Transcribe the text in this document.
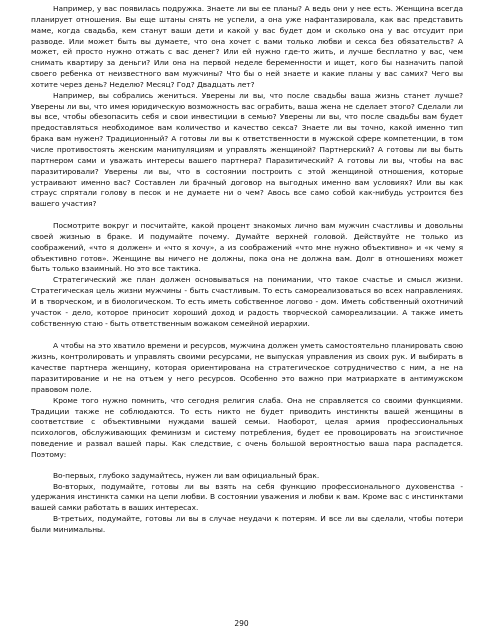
Например, у вас появилась подружка. Знаете ли вы ее планы? А ведь они у нее есть. Женщина всегда планирует отношения. Вы еще штаны снять не успели, а она уже нафантазировала, как вас представить маме, когда свадьба, кем станут ваши дети и какой у вас будет дом и сколько она у вас отсудит при разводе. Или может быть вы думаете, что она хочет с вами только любви и секса без обязательств? А может, ей просто нужно отжать с вас денег? Или ей нужно где-то жить, и лучше бесплатно у вас, чем снимать квартиру за деньги? Или она на первой неделе беременности и ищет, кого бы назначить папой своего ребенка от неизвестного вам мужчины? Что бы о ней знаете и какие планы у вас самих? Чего вы хотите через день? Неделю? Месяц? Год? Двадцать лет?

Например, вы собрались жениться. Уверены ли вы, что после свадьбы ваша жизнь станет лучше? Уверены ли вы, что имея юридическую возможность вас ограбить, ваша жена не сделает этого? Сделали ли вы все, чтобы обезопасить себя и свои инвестиции в семью? Уверены ли вы, что после свадьбы вам будет предоставляться необходимое вам количество и качество секса? Знаете ли вы точно, какой именно тип брака вам нужен? Традиционный? А готовы ли вы к ответственности в мужской сфере компетенции, в том числе противостоять женским манипуляциям и управлять женщиной? Партнерский? А готовы ли вы быть партнером сами и уважать интересы вашего партнера? Паразитический? А готовы ли вы, чтобы на вас паразитировали? Уверены ли вы, что в состоянии построить с этой женщиной отношения, которые устраивают именно вас? Составлен ли брачный договор на выгодных именно вам условиях? Или вы как страус спрятали голову в песок и не думаете ни о чем? Авось все само собой как-нибудь устроится без вашего участия?

Посмотрите вокруг и посчитайте, какой процент знакомых лично вам мужчин счастливы и довольны своей жизнью в браке. И подумайте почему. Думайте верхней головой. Действуйте не только из соображений, «что я должен» и «что я хочу», а из соображений «что мне нужно объективно» и «к чему я объективно готов». Женщине вы ничего не должны, пока она не должна вам. Долг в отношениях может быть только взаимный. Но это все тактика.

Стратегический же план должен основываться на понимании, что такое счастье и смысл жизни. Стратегическая цель жизни мужчины - быть счастливым. То есть самореализоваться во всех направлениях. И в творческом, и в биологическом. То есть иметь собственное логово - дом. Иметь собственный охотничий участок - дело, которое приносит хороший доход и радость творческой самореализации. А также иметь собственную стаю - быть ответственным вожаком семейной иерархии.

А чтобы на это хватило времени и ресурсов, мужчина должен уметь самостоятельно планировать свою жизнь, контролировать и управлять своими ресурсами, не выпуская управления из своих рук. И выбирать в качестве партнера женщину, которая ориентирована на стратегическое сотрудничество с ним, а не на паразитирование и не на отъем у него ресурсов. Особенно это важно при матриархате в антимужском правовом поле.

Кроме того нужно помнить, что сегодня религия слаба. Она не справляется со своими функциями. Традиции также не соблюдаются. То есть никто не будет приводить инстинкты вашей женщины в соответствие с объективными нуждами вашей семьи. Наоборот, целая армия профессиональных психологов, обслуживающих феминизм и систему потребления, будет ее провоцировать на эгоистичное поведение и развал вашей пары. Как следствие, с очень большой вероятностью ваша пара распадется. Поэтому:

Во-первых, глубоко задумайтесь, нужен ли вам официальный брак.

Во-вторых, подумайте, готовы ли вы взять на себя функцию профессионального духовенства - удержания инстинкта самки на цепи любви. В состоянии уважения и любви к вам. Кроме вас с инстинктами вашей самки работать в ваших интересах.

В-третьих, подумайте, готовы ли вы в случае неудачи к потерям. И все ли вы сделали, чтобы потери были минимальны.

290
